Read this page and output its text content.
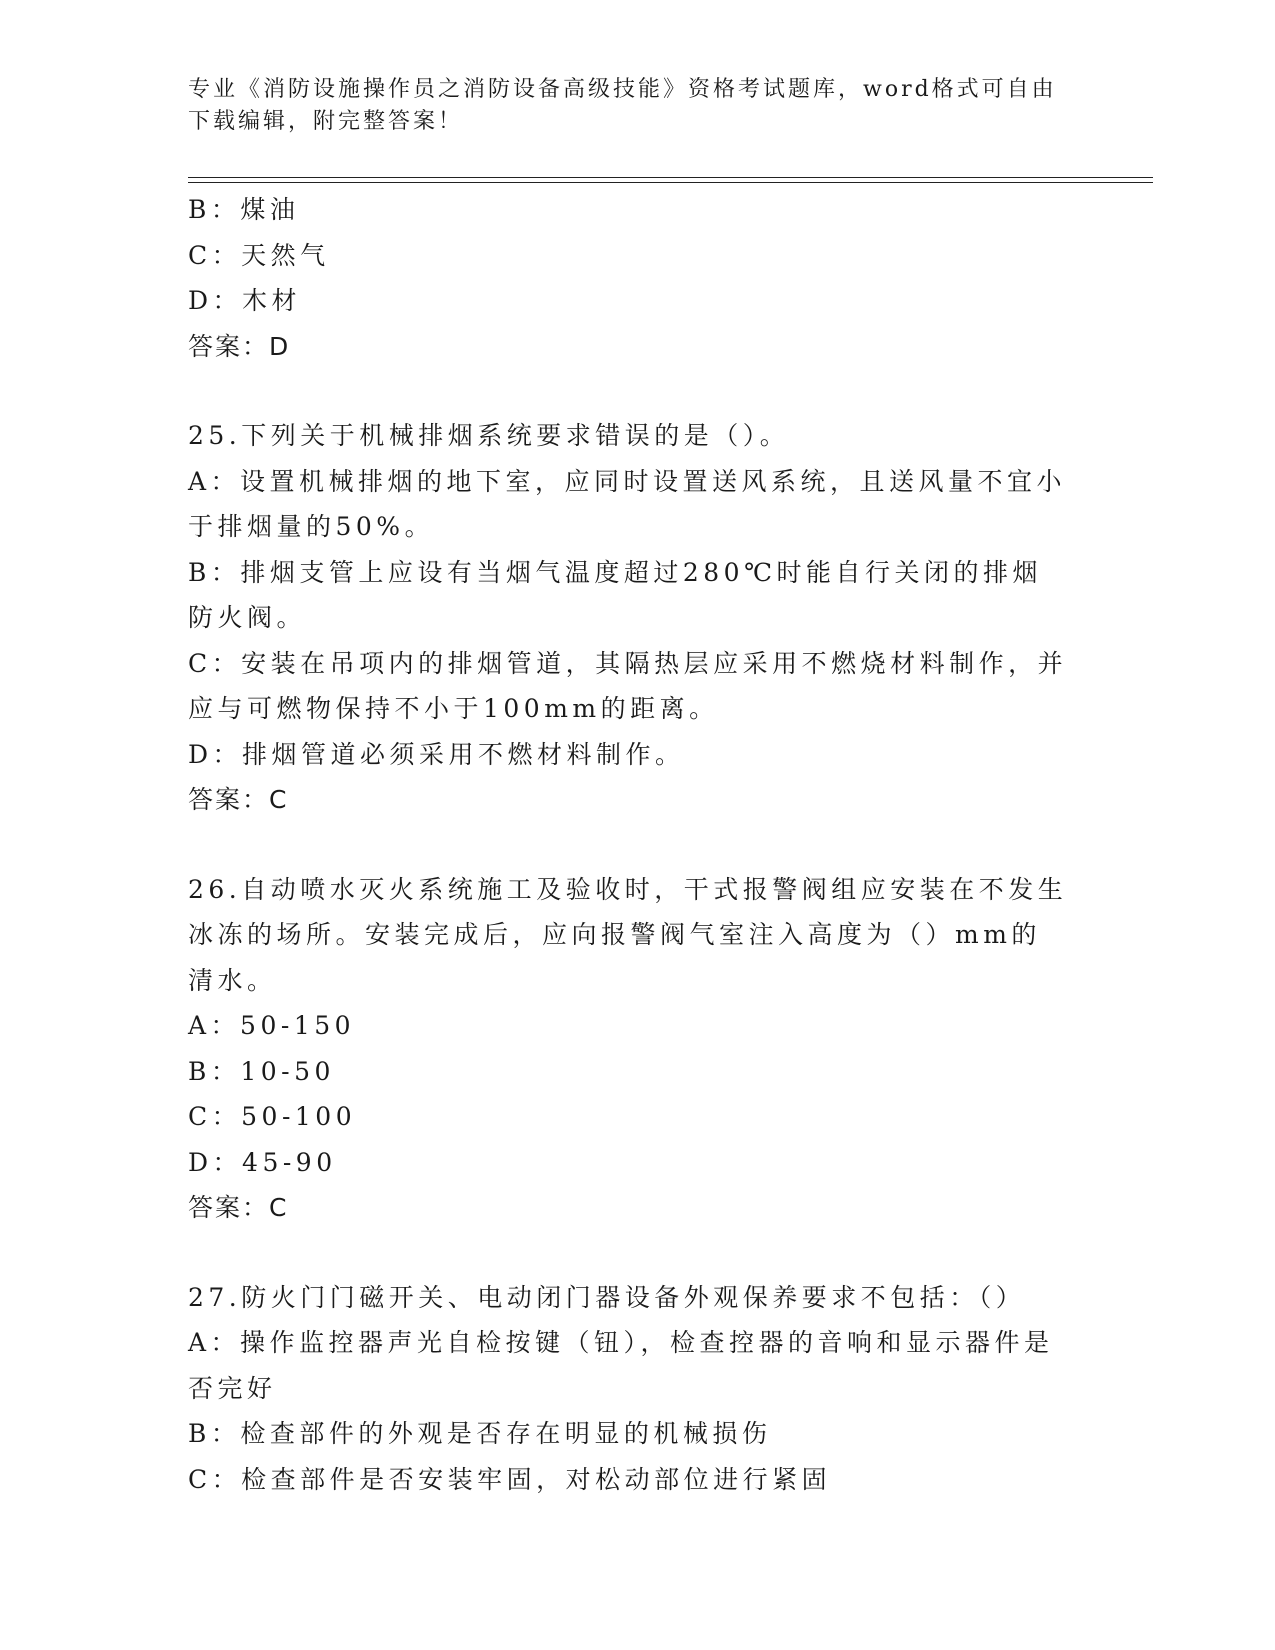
专业《消防设施操作员之消防设备高级技能》资格考试题库，word格式可自由下载编辑，附完整答案！
B：煤油
C：天然气
D：木材
答案：D
25.下列关于机械排烟系统要求错误的是（）。
A：设置机械排烟的地下室，应同时设置送风系统，且送风量不宜小于排烟量的50%。
B：排烟支管上应设有当烟气温度超过280℃时能自行关闭的排烟防火阀。
C：安装在吊项内的排烟管道，其隔热层应采用不燃烧材料制作，并应与可燃物保持不小于100mm的距离。
D：排烟管道必须采用不燃材料制作。
答案：C
26.自动喷水灭火系统施工及验收时，干式报警阀组应安装在不发生冰冻的场所。安装完成后，应向报警阀气室注入高度为（）mm的清水。
A：50-150
B：10-50
C：50-100
D：45-90
答案：C
27.防火门门磁开关、电动闭门器设备外观保养要求不包括：（）
A：操作监控器声光自检按键（钮），检查控器的音响和显示器件是否完好
B：检查部件的外观是否存在明显的机械损伤
C：检查部件是否安装牢固，对松动部位进行紧固
